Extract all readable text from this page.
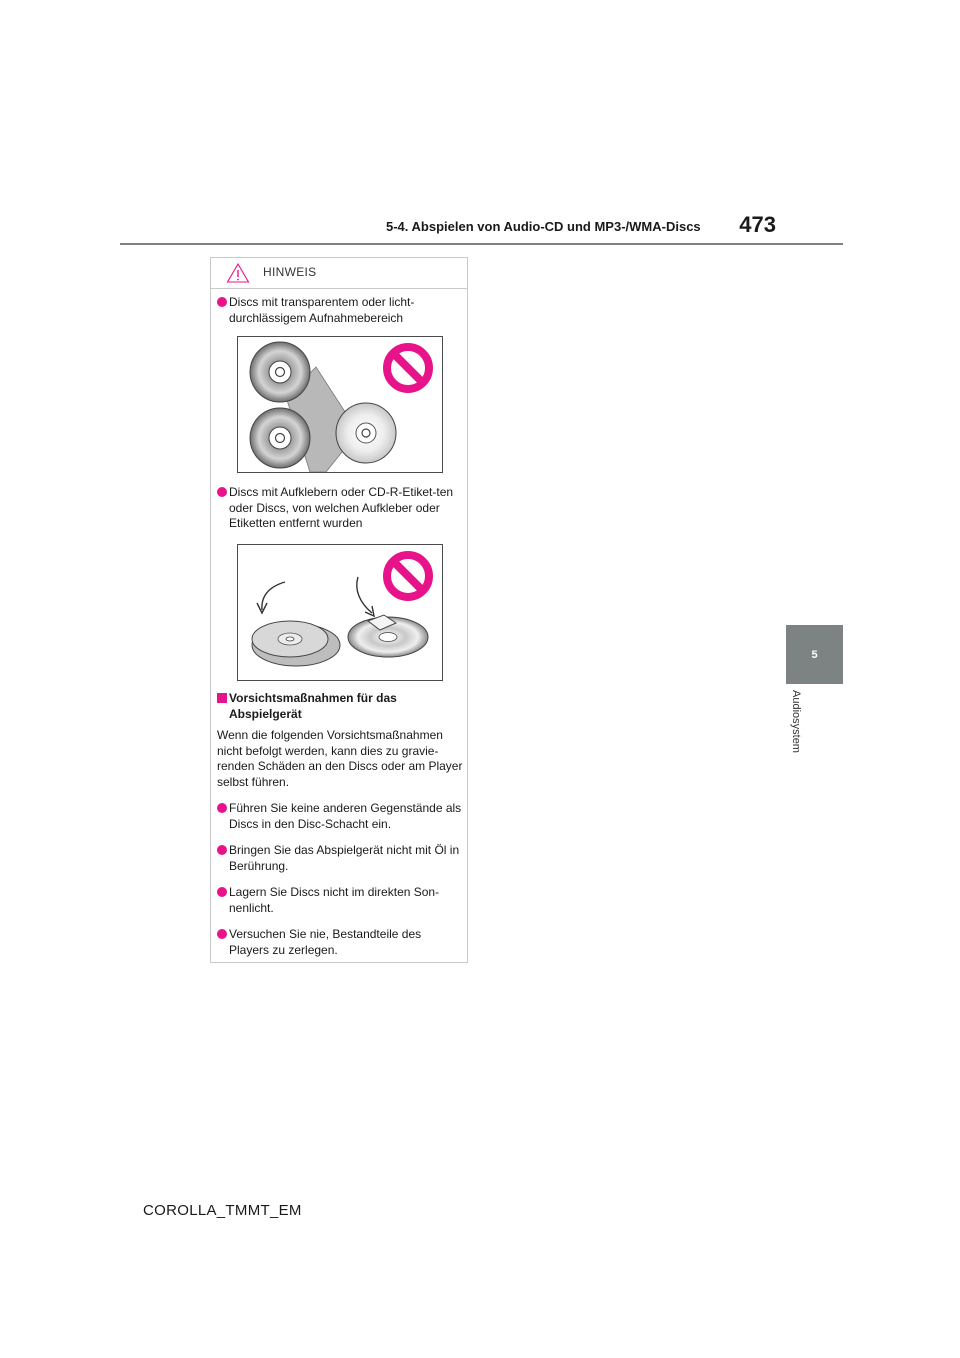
5-4. Abspielen von Audio-CD und MP3-/WMA-Discs	473
5
Audiosystem
HINWEIS
Discs mit transparentem oder licht-durchlässigem Aufnahmebereich
Discs mit Aufklebern oder CD-R-Etiket-ten oder Discs, von welchen Aufkleber oder Etiketten entfernt wurden
Vorsichtsmaßnahmen für das Abspielgerät
Wenn die folgenden Vorsichtsmaßnahmen nicht befolgt werden, kann dies zu gravie-renden Schäden an den Discs oder am Player selbst führen.
Führen Sie keine anderen Gegenstände als Discs in den Disc-Schacht ein.
Bringen Sie das Abspielgerät nicht mit Öl in Berührung.
Lagern Sie Discs nicht im direkten Son-nenlicht.
Versuchen Sie nie, Bestandteile des Players zu zerlegen.
COROLLA_TMMT_EM
